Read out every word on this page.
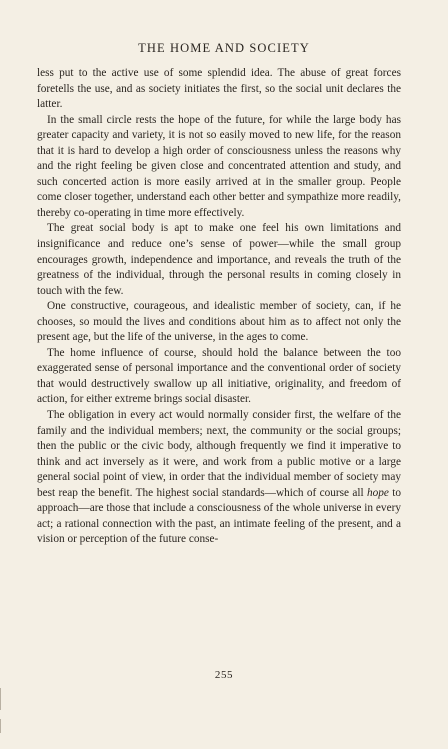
THE HOME AND SOCIETY

less put to the active use of some splendid idea. The abuse of great forces foretells the use, and as society initiates the first, so the social unit declares the latter.

In the small circle rests the hope of the future, for while the large body has greater capacity and variety, it is not so easily moved to new life, for the reason that it is hard to develop a high order of consciousness unless the reasons why and the right feeling be given close and concentrated attention and study, and such concerted action is more easily arrived at in the smaller group. People come closer together, understand each other better and sympathize more readily, thereby co-operating in time more effectively.

The great social body is apt to make one feel his own limitations and insignificance and reduce one’s sense of power—while the small group encourages growth, independence and importance, and reveals the truth of the greatness of the individual, through the personal results in coming closely in touch with the few.

One constructive, courageous, and idealistic member of society, can, if he chooses, so mould the lives and conditions about him as to affect not only the present age, but the life of the universe, in the ages to come.

The home influence of course, should hold the balance between the too exaggerated sense of personal importance and the conventional order of society that would destructively swallow up all initiative, originality, and freedom of action, for either extreme brings social disaster.

The obligation in every act would normally consider first, the welfare of the family and the individual members; next, the community or the social groups; then the public or the civic body, although frequently we find it imperative to think and act inversely as it were, and work from a public motive or a large general social point of view, in order that the individual member of society may best reap the benefit. The highest social standards—which of course all hope to approach—are those that include a consciousness of the whole universe in every act; a rational connection with the past, an intimate feeling of the present, and a vision or perception of the future conse-

255
